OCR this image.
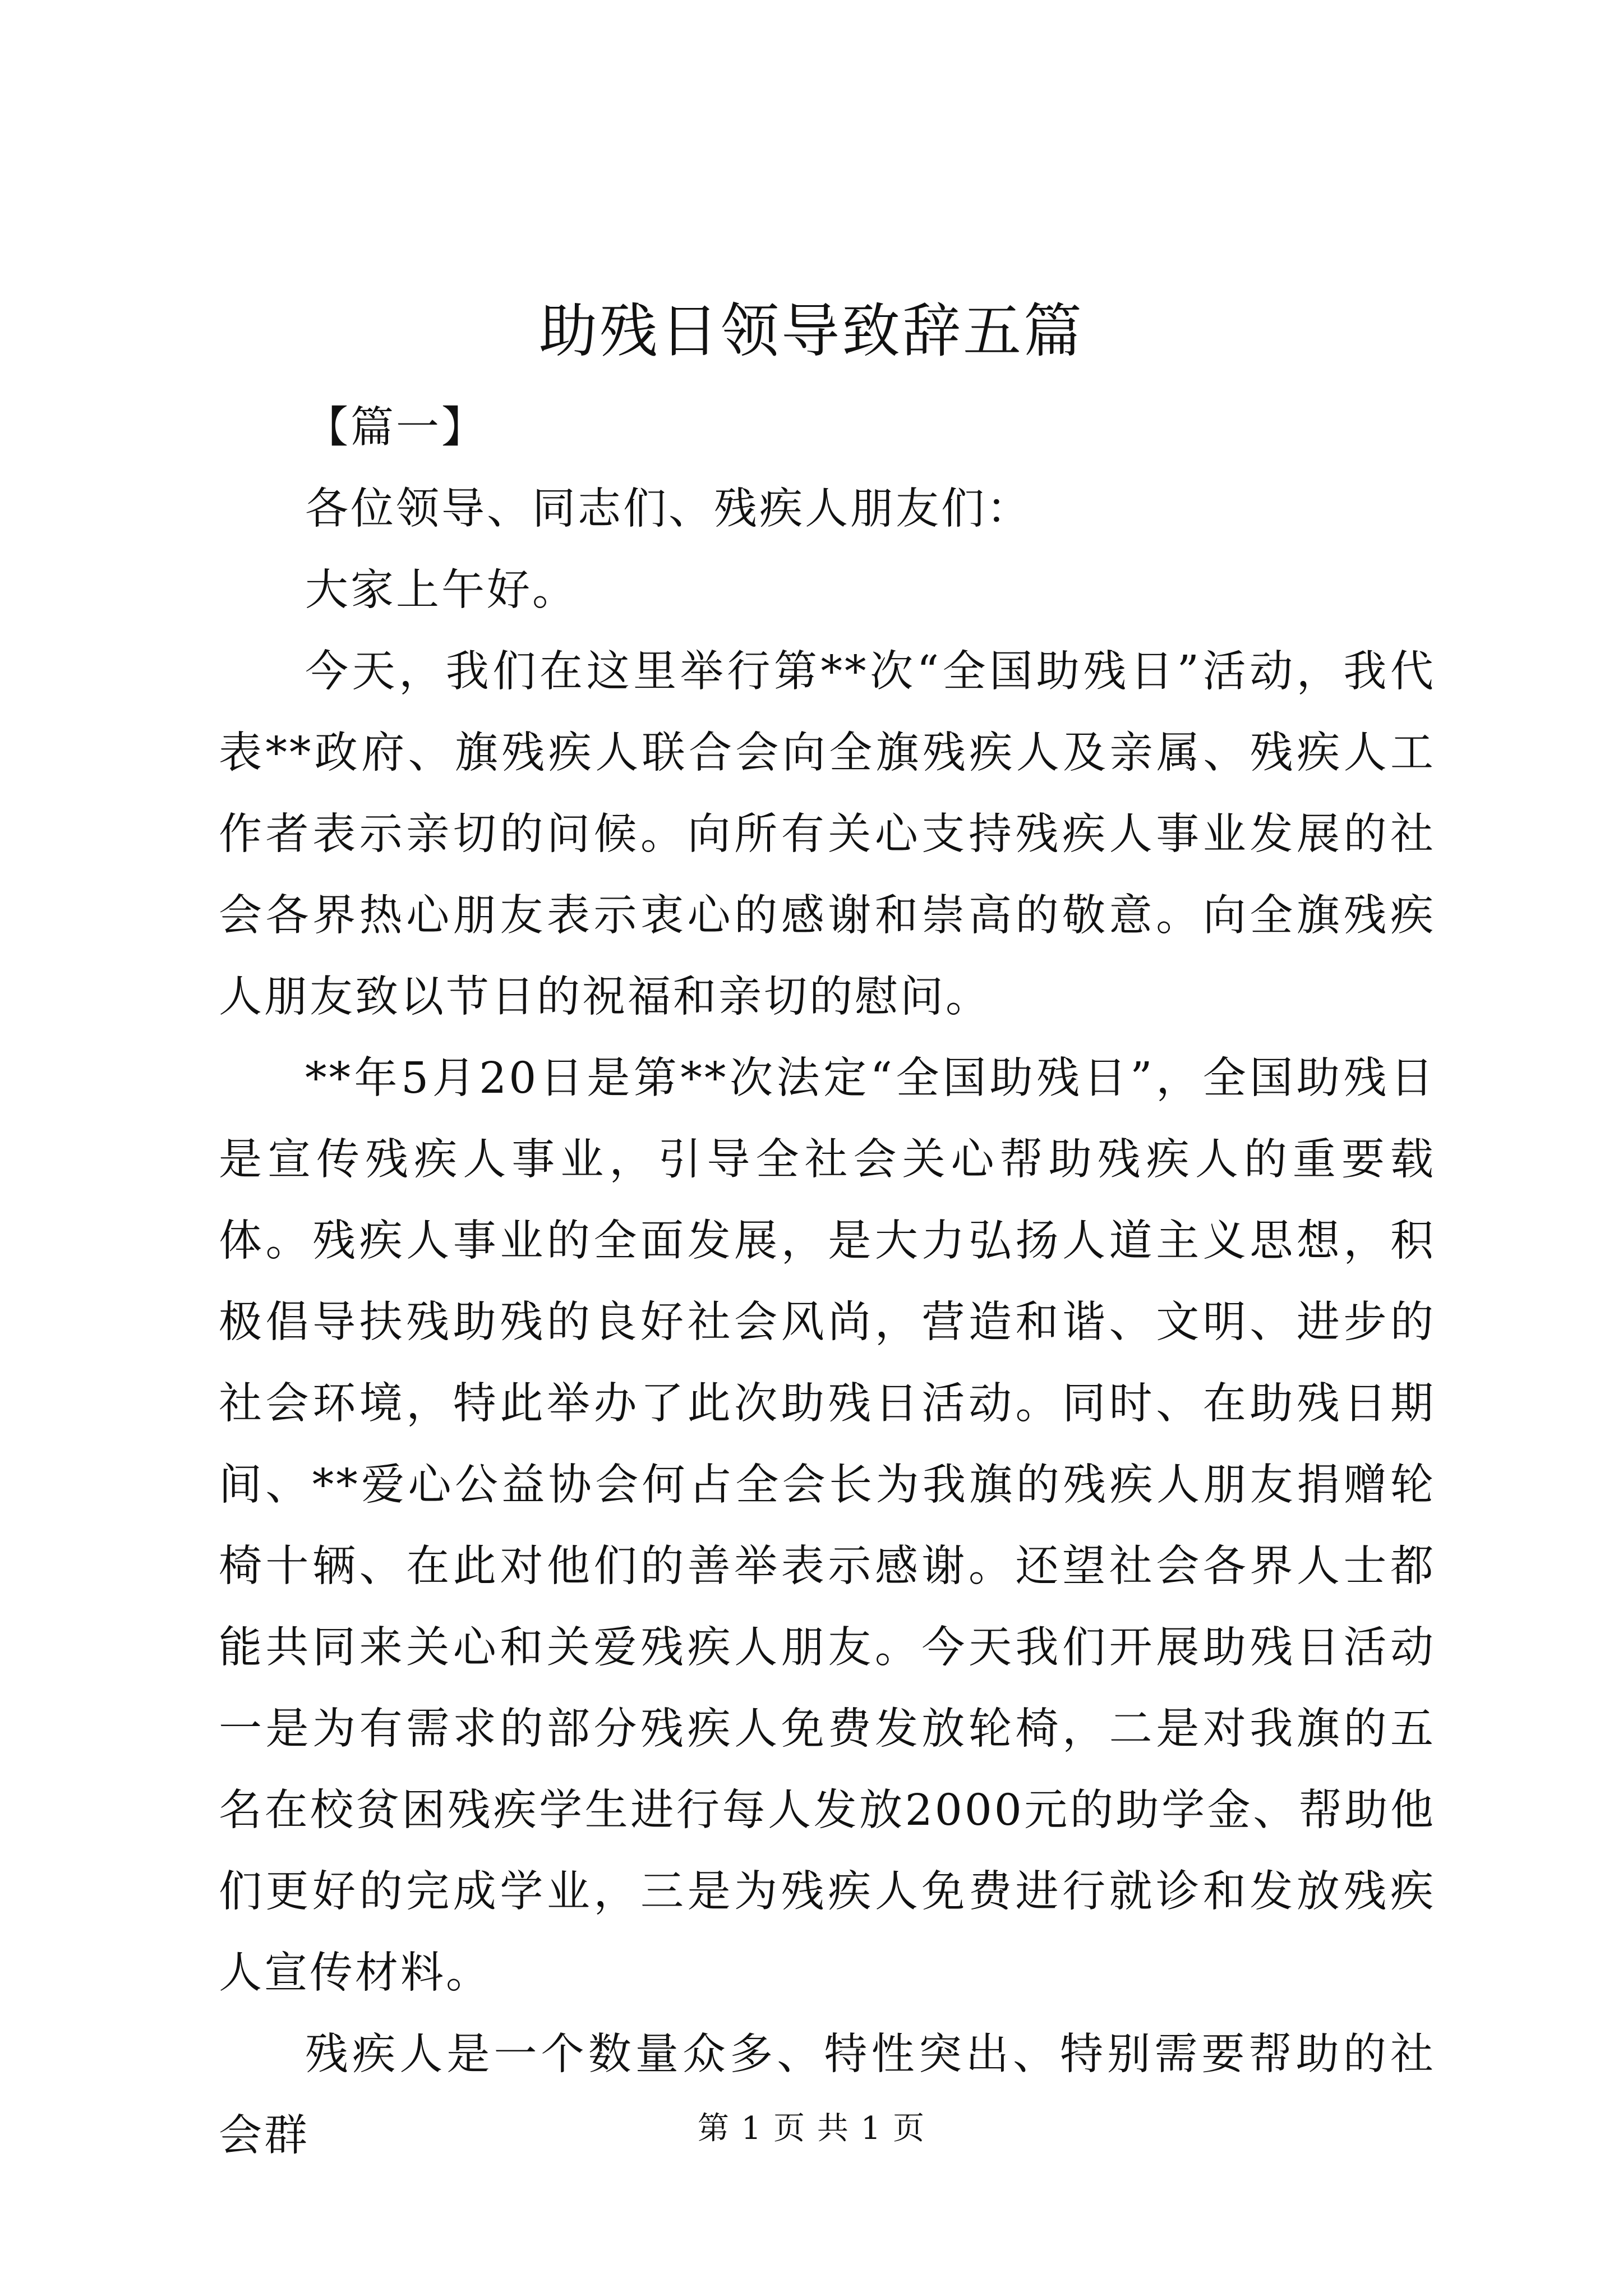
助残日领导致辞五篇

【篇一】

各位领导、同志们、残疾人朋友们：

大家上午好。

今天，我们在这里举行第**次“全国助残日”活动，我代表**政府、旗残疾人联合会向全旗残疾人及亲属、残疾人工作者表示亲切的问候。向所有关心支持残疾人事业发展的社会各界热心朋友表示衷心的感谢和崇高的敬意。向全旗残疾人朋友致以节日的祝福和亲切的慰问。

**年5月20日是第**次法定“全国助残日”，全国助残日是宣传残疾人事业，引导全社会关心帮助残疾人的重要载体。残疾人事业的全面发展，是大力弘扬人道主义思想，积极倡导扶残助残的良好社会风尚，营造和谐、文明、进步的社会环境，特此举办了此次助残日活动。同时、在助残日期间、**爱心公益协会何占全会长为我旗的残疾人朋友捐赠轮椅十辆、在此对他们的善举表示感谢。还望社会各界人士都能共同来关心和关爱残疾人朋友。今天我们开展助残日活动一是为有需求的部分残疾人免费发放轮椅，二是对我旗的五名在校贫困残疾学生进行每人发放2000元的助学金、帮助他们更好的完成学业，三是为残疾人免费进行就诊和发放残疾人宣传材料。

残疾人是一个数量众多、特性突出、特别需要帮助的社会群	第 1 页 共 1 页
